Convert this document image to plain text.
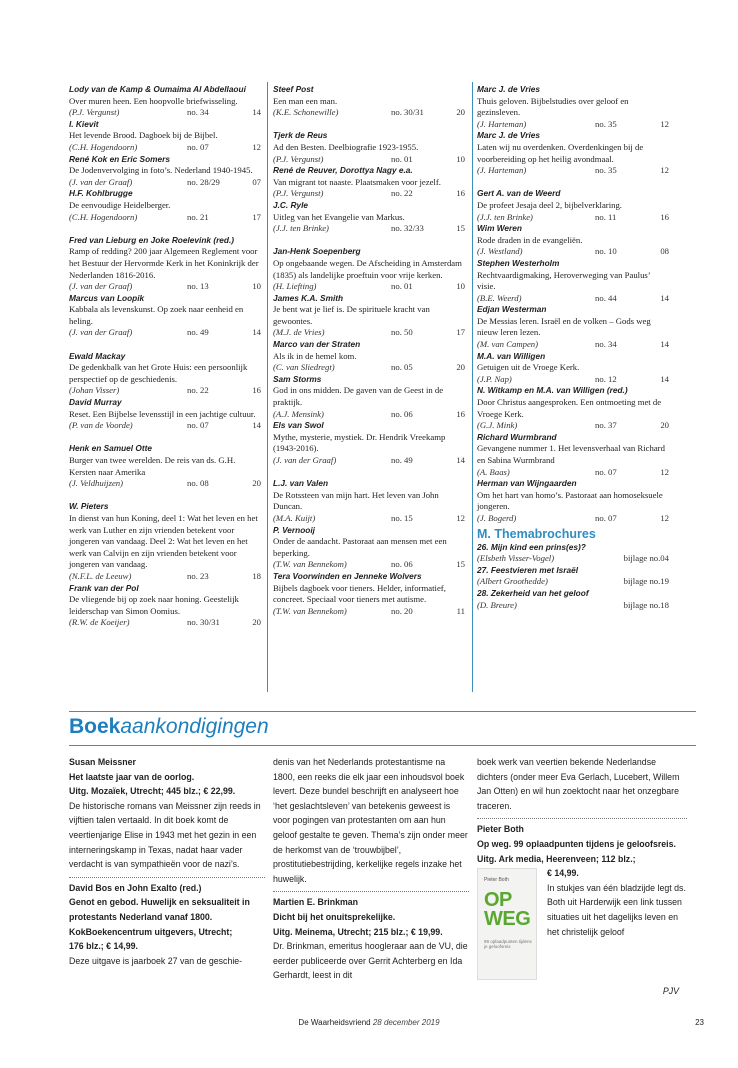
Lody van de Kamp & Oumaima Al Abdellaoui
Over muren heen. Een hoopvolle briefwisseling.
(P.J. Vergunst)	no. 34	14
I. Kievit
Het levende Brood. Dagboek bij de Bijbel.
(C.H. Hogendoorn)	no. 07	12
René Kok en Eric Somers
De Jodenvervolging in foto’s. Nederland 1940-1945.
(J. van der Graaf)	no. 28/29	07
H.F. Kohlbrugge
De eenvoudige Heidelberger.
(C.H. Hogendoorn)	no. 21	17
Fred van Lieburg en Joke Roelevink (red.)
Ramp of redding? 200 jaar Algemeen Reglement voor het Bestuur der Hervormde Kerk in het Koninkrijk der Nederlanden 1816-2016.
(J. van der Graaf)	no. 13	10
Marcus van Loopik
Kabbala als levenskunst. Op zoek naar eenheid en heling.
(J. van der Graaf)	no. 49	14
Ewald Mackay
De gedenkbalk van het Grote Huis: een persoonlijk perspectief op de geschiedenis.
(Johan Visser)	no. 22	16
David Murray
Reset. Een Bijbelse levensstijl in een jachtige cultuur.
(P. van de Voorde)	no. 07	14
Henk en Samuel Otte
Burger van twee werelden. De reis van ds. G.H. Kersten naar Amerika
(J. Veldhuijzen)	no. 08	20
W. Pieters
In dienst van hun Koning, deel 1: Wat het leven en het werk van Luther en zijn vrienden betekent voor jongeren van vandaag. Deel 2: Wat het leven en het werk van Calvijn en zijn vrienden betekent voor jongeren van vandaag.
(N.F.L. de Leeuw)	no. 23	18
Frank van der Pol
De vliegende bij op zoek naar honing. Geestelijk leiderschap van Simon Oomius.
(R.W. de Koeijer)	no. 30/31	20
Steef Post
Een man een man.
(K.E. Schonewille)	no. 30/31	20
Tjerk de Reus
Ad den Besten. Deelbiografie 1923-1955.
(P.J. Vergunst)	no. 01	10
René de Reuver, Dorottya Nagy e.a.
Van migrant tot naaste. Plaatsmaken voor jezelf.
(P.J. Vergunst)	no. 22	16
J.C. Ryle
Uitleg van het Evangelie van Markus.
(J.J. ten Brinke)	no. 32/33	15
Jan-Henk Soepenberg
Op ongebaande wegen. De Afscheiding in Amsterdam (1835) als landelijke proeftuin voor vrije kerken.
(H. Liefting)	no. 01	10
James K.A. Smith
Je bent wat je lief is. De spirituele kracht van gewoontes.
(M.J. de Vries)	no. 50	17
Marco van der Straten
Als ik in de hemel kom.
(C. van Sliedregt)	no. 05	20
Sam Storms
God in ons midden. De gaven van de Geest in de praktijk.
(A.J. Mensink)	no. 06	16
Els van Swol
Mythe, mysterie, mystiek. Dr. Hendrik Vreekamp (1943-2016).
(J. van der Graaf)	no. 49	14
L.J. van Valen
De Rotssteen van mijn hart. Het leven van John Duncan.
(M.A. Kuijt)	no. 15	12
P. Vernooij
Onder de aandacht. Pastoraat aan mensen met een beperking.
(T.W. van Bennekom)	no. 06	15
Tera Voorwinden en Jenneke Wolvers
Bijbels dagboek voor tieners. Helder, informatief, concreet. Speciaal voor tieners met autisme.
(T.W. van Bennekom)	no. 20	11
Marc J. de Vries
Thuis geloven. Bijbelstudies over geloof en gezinsleven.
(J. Harteman)	no. 35	12
Marc J. de Vries
Laten wij nu overdenken. Overdenkingen bij de voorbereiding op het heilig avondmaal.
(J. Harteman)	no. 35	12
Gert A. van de Weerd
De profeet Jesaja deel 2, bijbelverklaring.
(J.J. ten Brinke)	no. 11	16
Wim Weren
Rode draden in de evangeliën.
(J. Westland)	no. 10	08
Stephen Westerholm
Rechtvaardigmaking, Heroverweging van Paulus’ visie.
(B.E. Weerd)	no. 44	14
Edjan Westerman
De Messias leren. Israël en de volken – Gods weg nieuw leren lezen.
(M. van Campen)	no. 34	14
M.A. van Willigen
Getuigen uit de Vroege Kerk.
(J.P. Nap)	no. 12	14
N. Witkamp en M.A. van Willigen (red.)
Door Christus aangesproken. Een ontmoeting met de Vroege Kerk.
(G.J. Mink)	no. 37	20
Richard Wurmbrand
Gevangene nummer 1. Het levensverhaal van Richard en Sabina Wurmbrand
(A. Baas)	no. 07	12
Herman van Wijngaarden
Om het hart van homo’s. Pastoraat aan homoseksuele jongeren.
(J. Bogerd)	no. 07	12
M. Themabrochures
26. Mijn kind een prins(es)?
(Elsbeth Visser-Vogel)	bijlage no.04
27. Feestvieren met Israël
(Albert Groothedde)	bijlage no.19
28. Zekerheid van het geloof
(D. Breure)	bijlage no.18
Boekaankondigingen
Susan Meissner
Het laatste jaar van de oorlog.
Uitg. Mozaïek, Utrecht; 445 blz.; € 22,99.
De historische romans van Meissner zijn reeds in vijftien talen vertaald. In dit boek komt de veertienjarige Elise in 1943 met het gezin in een interneringskamp in Texas, nadat haar vader verdacht is van sympathieën voor de nazi’s.
David Bos en John Exalto (red.)
Genot en gebod. Huwelijk en seksualiteit in protestants Nederland vanaf 1800.
KokBoekencentrum uitgevers, Utrecht;
176 blz.; € 14,99.
Deze uitgave is jaarboek 27 van de geschie-
denis van het Nederlands protestantisme na 1800, een reeks die elk jaar een inhoudsvol boek levert. Deze bundel beschrijft en analyseert hoe ‘het geslachtsleven’ van betekenis geweest is voor pogingen van protestanten om aan hun geloof gestalte te geven. Thema’s zijn onder meer de herkomst van de ‘trouwbijbel’, prostitutiebestrijding, kerkelijke regels inzake het huwelijk.
Martien E. Brinkman
Dicht bij het onuitsprekelijke.
Uitg. Meinema, Utrecht; 215 blz.; € 19,99.
Dr. Brinkman, emeritus hoogleraar aan de VU, die eerder publiceerde over Gerrit Achterberg en Ida Gerhardt, leest in dit
boek werk van veertien bekende Nederlandse dichters (onder meer Eva Gerlach, Lucebert, Willem Jan Otten) en wil hun zoektocht naar het onzegbare traceren.
Pieter Both
Op weg. 99 oplaadpunten tijdens je geloofsreis.
Uitg. Ark media, Heerenveen; 112 blz.;
Pieter Both
OP WEG
99 oplaadpunten tijdens je geloofsreis
€ 14,99.
In stukjes van één bladzijde legt ds. Both uit Harderwijk een link tussen situaties uit het dagelijks leven en het christelijk geloof
PJV
De Waarheidsvriend 28 december 2019	23
